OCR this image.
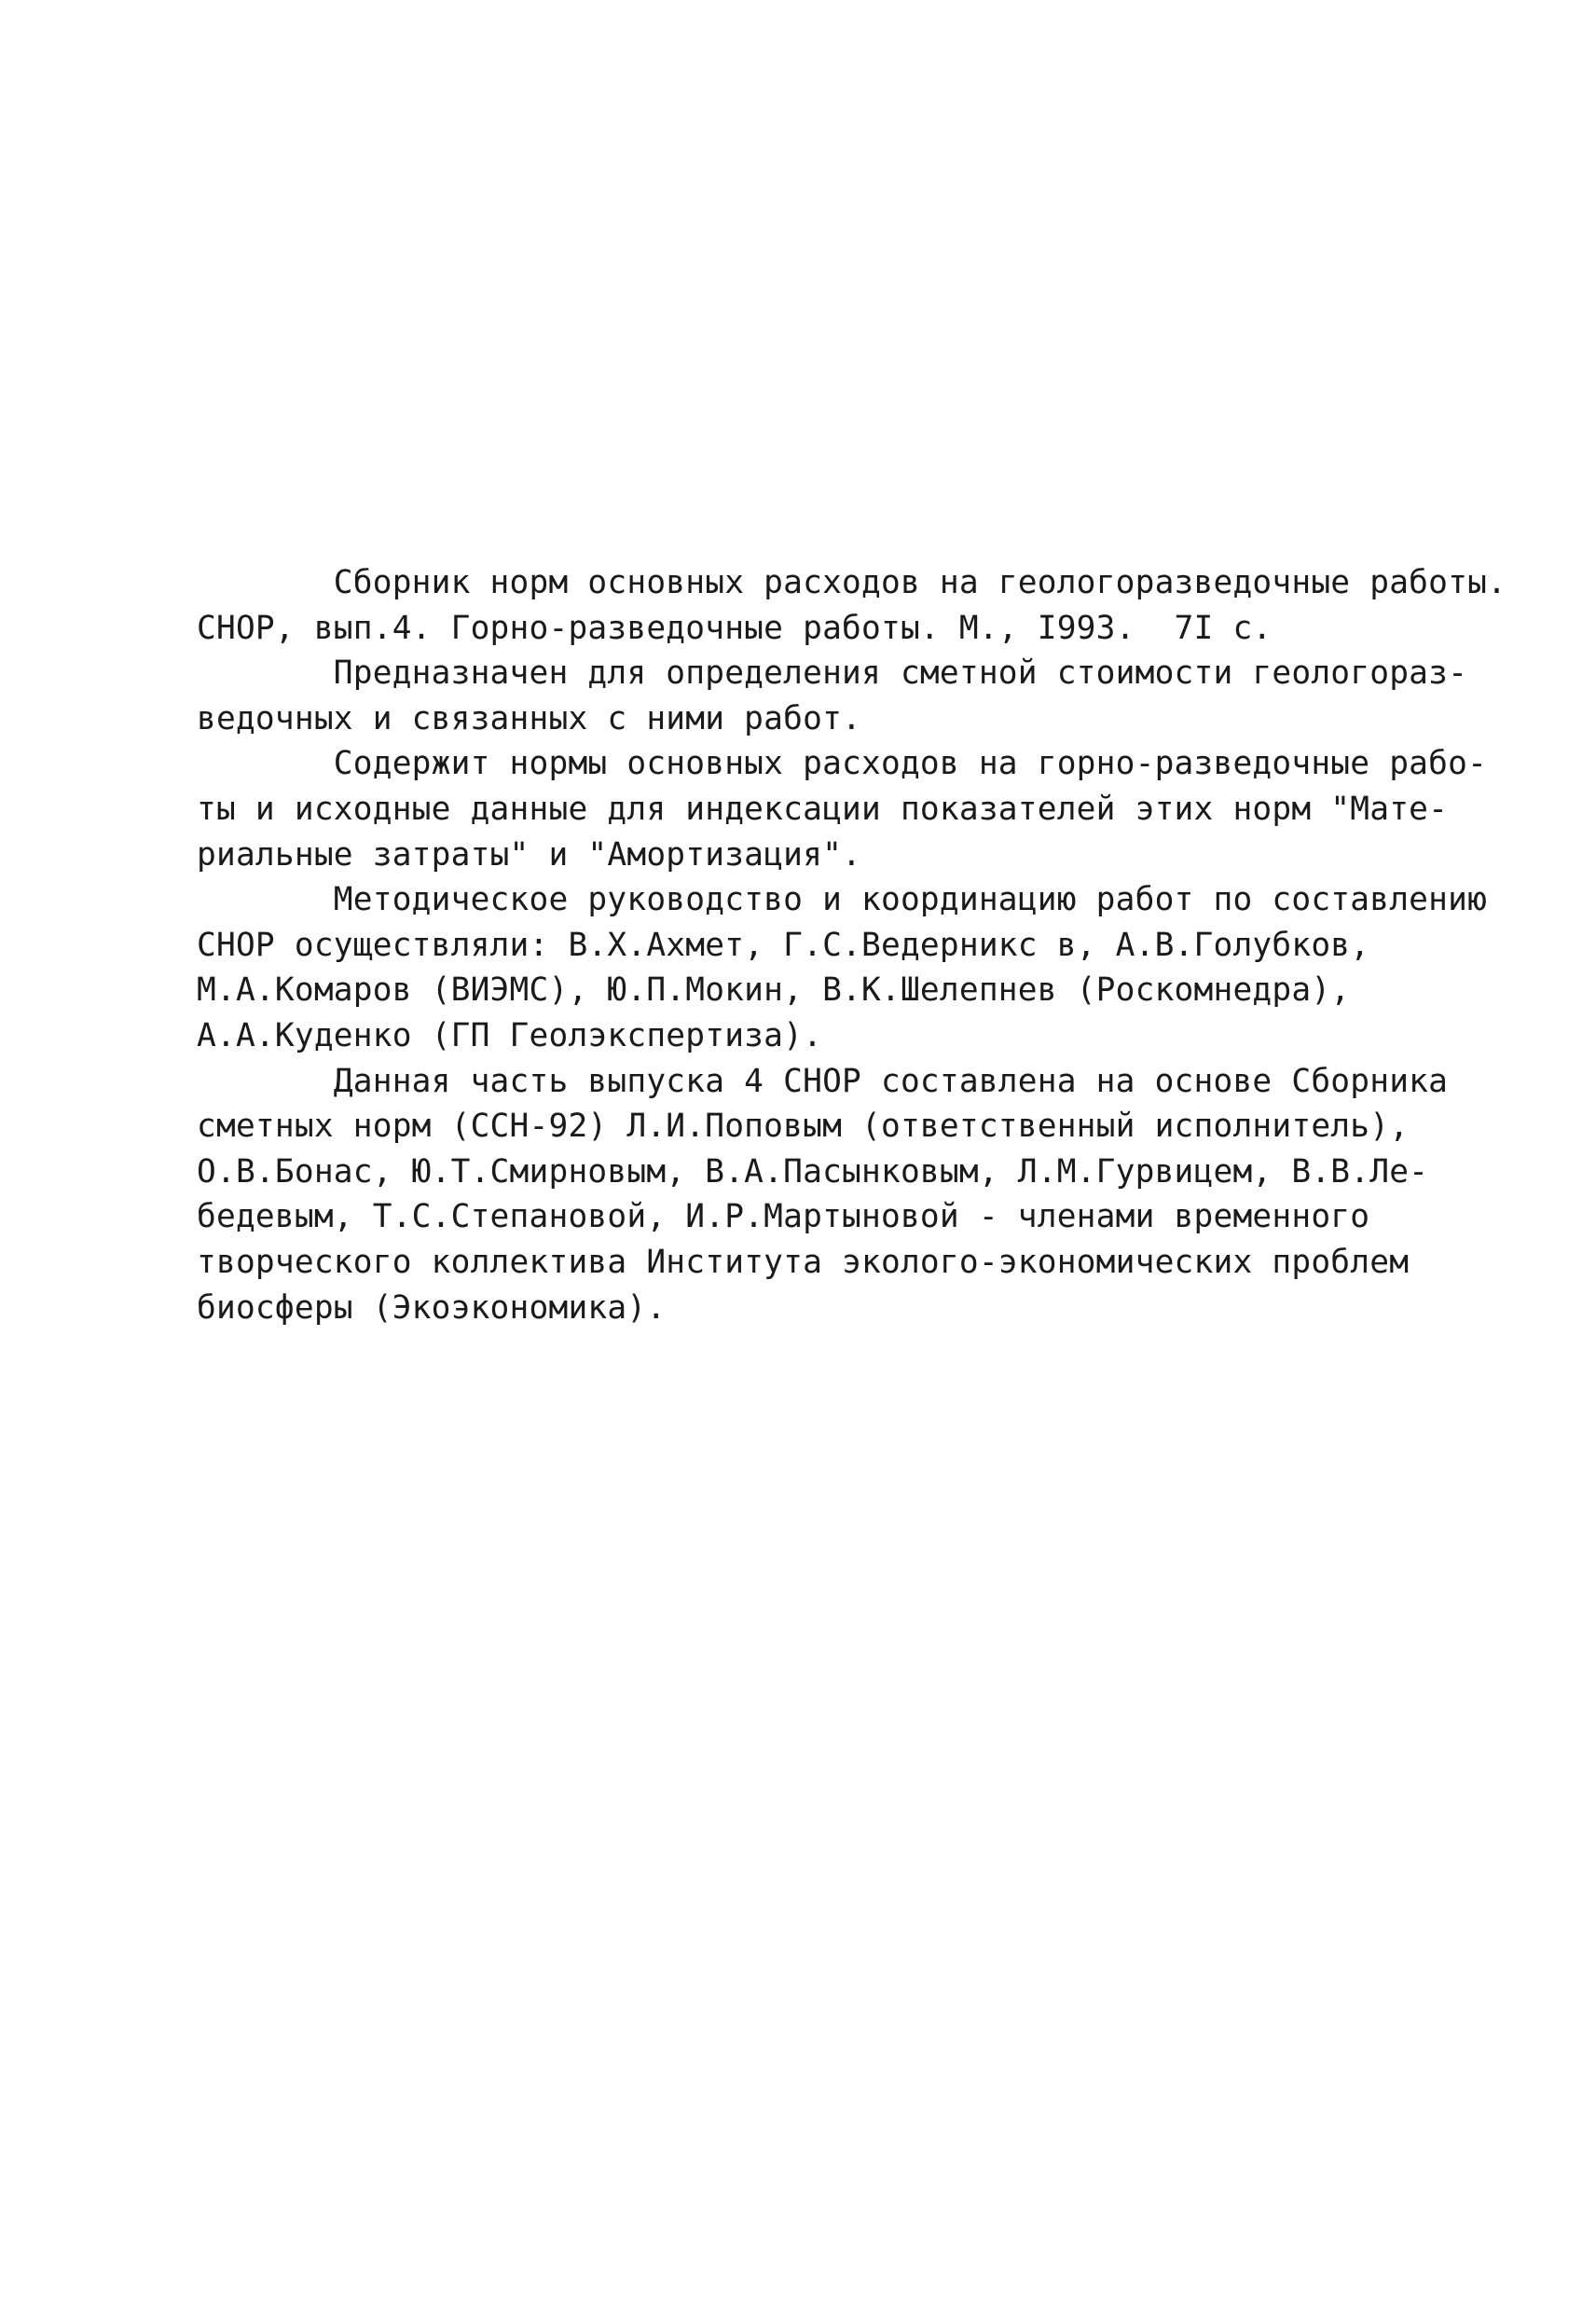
Сборник норм основных расходов на геологоразведочные работы.
СНОР, вып.4. Горно-разведочные работы. М., I993.  7I с.
Предназначен для определения сметной стоимости геологораз-
ведочных и связанных с ними работ.
Содержит нормы основных расходов на горно-разведочные рабо-
ты и исходные данные для индексации показателей этих норм "Мате-
риальные затраты" и "Амортизация".
Методическое руководство и координацию работ по составлению
СНОР осуществляли: В.Х.Ахмет, Г.С.Ведерникс в, А.В.Голубков,
М.А.Комаров (ВИЭМС), Ю.П.Мокин, В.К.Шелепнев (Роскомнедра),
А.А.Куденко (ГП Геолэкспертиза).
Данная часть выпуска 4 СНОР составлена на основе Сборника
сметных норм (ССН-92) Л.И.Поповым (ответственный исполнитель),
О.В.Бонас, Ю.Т.Смирновым, В.А.Пасынковым, Л.М.Гурвицем, В.В.Ле-
бедевым, Т.С.Степановой, И.Р.Мартыновой - членами временного
творческого коллектива Института эколого-экономических проблем
биосферы (Экоэкономика).
